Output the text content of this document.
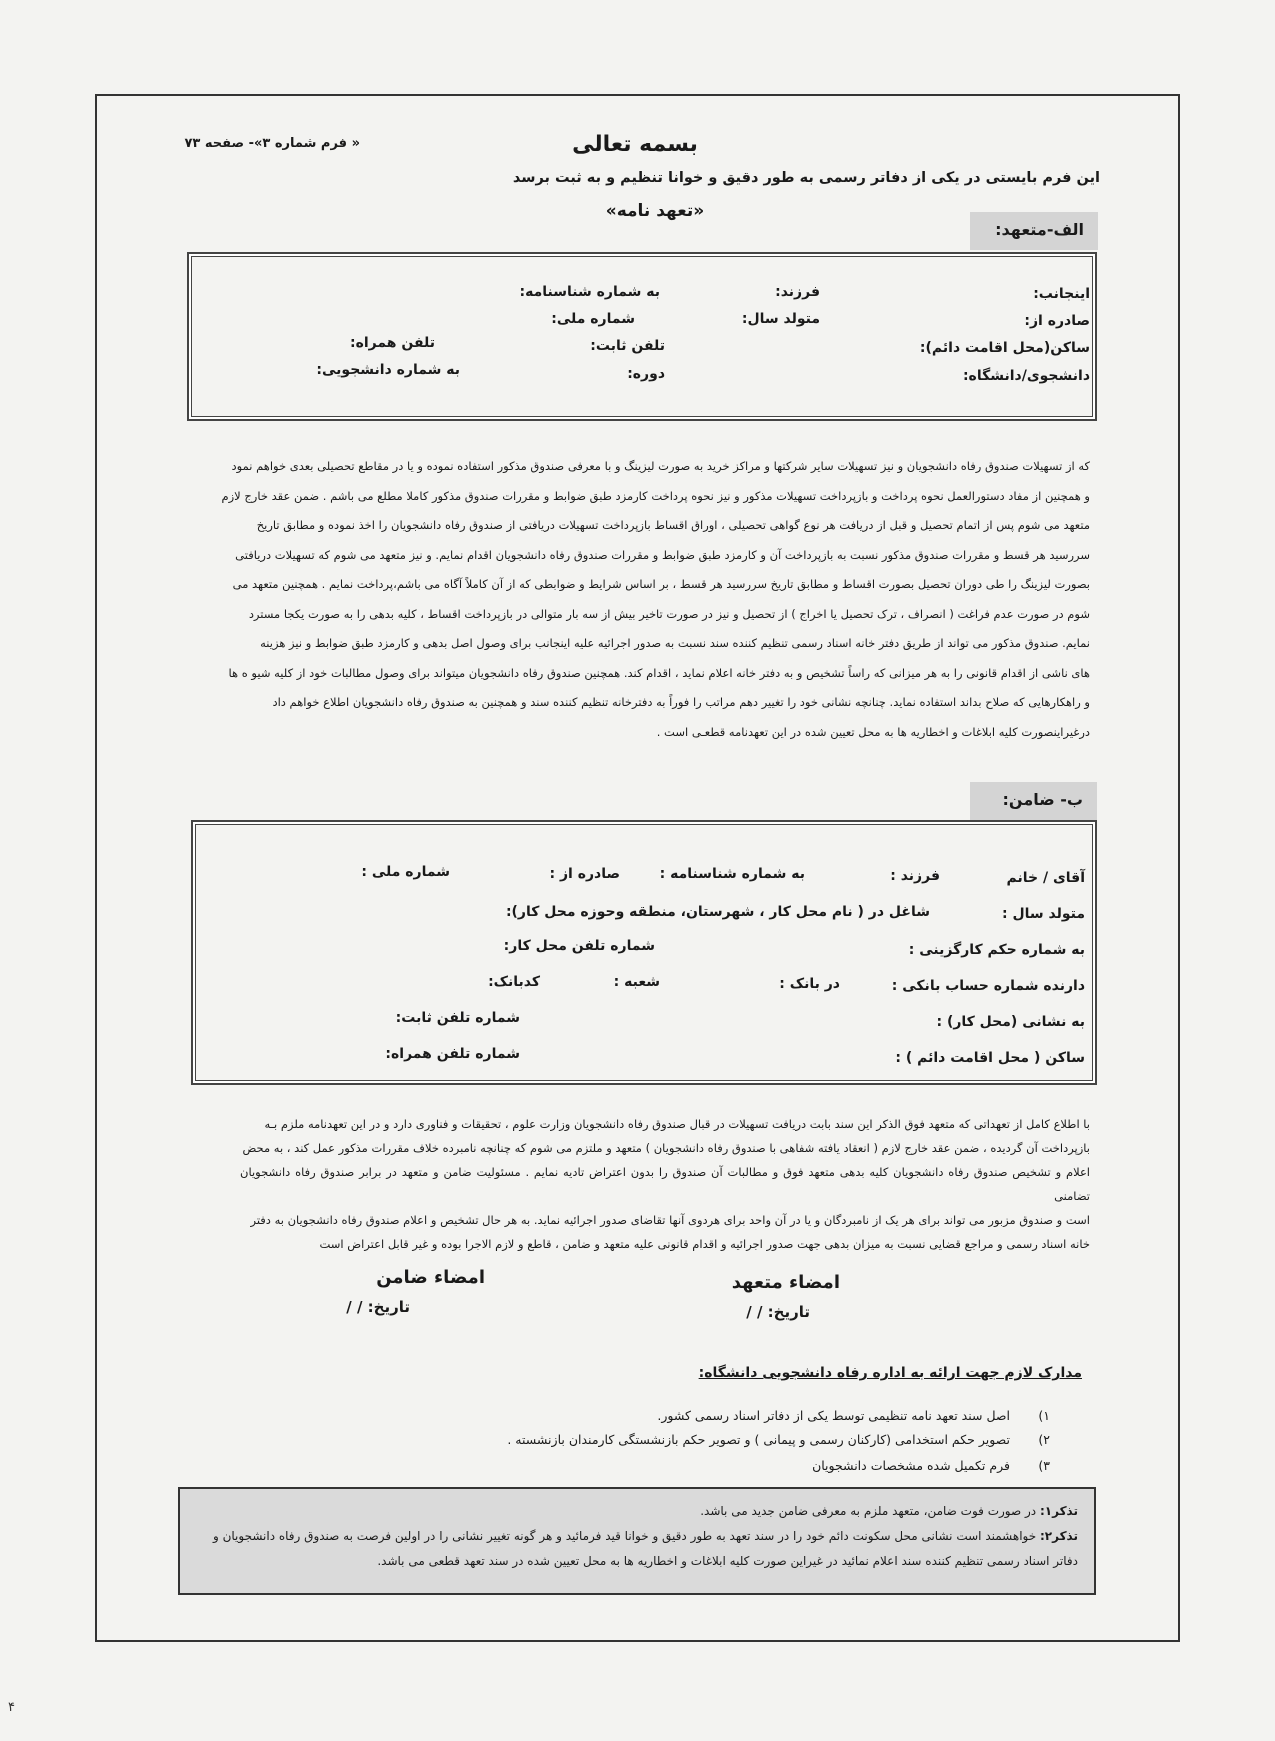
بسمه تعالی
« فرم شماره ۳»- صفحه ۷۳
این فرم بایستی در یکی از دفاتر رسمی به طور دقیق و خوانا تنظیم و به ثبت برسد
«تعهد نامه»
الف-متعهد:
اینجانب:
فرزند:
به شماره شناسنامه:
صادره از:
متولد سال:
شماره ملی:
ساکن(محل اقامت دائم):
تلفن ثابت:
تلفن همراه:
دانشجوی/دانشگاه:
دوره:
به شماره دانشجویی:
که از تسهیلات صندوق رفاه دانشجویان و نیز تسهیلات سایر شرکتها و مراکز خرید به صورت لیزینگ و با معرفی صندوق مذکور استفاده نموده و یا در مقاطع تحصیلی بعدی خواهم نمود
و همچنین از مفاد دستورالعمل نحوه پرداخت و بازپرداخت تسهیلات مذکور و نیز نحوه پرداخت کارمزد طبق ضوابط و مقررات صندوق مذکور کاملا مطلع می باشم . ضمن عقد خارج لازم
متعهد می شوم پس از اتمام تحصیل و قبل از دریافت هر نوع گواهی تحصیلی ، اوراق اقساط بازپرداخت تسهیلات دریافتی از صندوق رفاه دانشجویان را اخذ نموده و مطابق تاریخ
سررسید هر قسط و مقررات صندوق مذکور نسبت به بازپرداخت آن و کارمزد طبق ضوابط و مقررات صندوق رفاه دانشجویان اقدام نمایم. و نیز متعهد می شوم که تسهیلات دریافتی
بصورت لیزینگ را طی دوران تحصیل بصورت اقساط و مطابق تاریخ سررسید هر قسط ، بر اساس شرایط و ضوابطی که از آن کاملاً آگاه می باشم،پرداخت نمایم . همچنین متعهد می
شوم در صورت عدم فراغت ( انصراف ، ترک تحصیل یا اخراج ) از تحصیل و نیز در صورت تاخیر بیش از سه بار متوالی در بازپرداخت اقساط ، کلیه بدهی را به صورت یکجا مسترد
نمایم. صندوق مذکور می تواند از طریق دفتر خانه اسناد رسمی تنظیم کننده سند نسبت به صدور اجرائیه علیه اینجانب برای وصول اصل بدهی و کارمزد طبق ضوابط و نیز هزینه
های ناشی از اقدام قانونی را به هر میزانی که راساً تشخیص و به دفتر خانه اعلام نماید ، اقدام کند. همچنین صندوق رفاه دانشجویان میتواند برای وصول مطالبات خود از کلیه شیو ه ها
و راهکارهایی که صلاح بداند استفاده نماید. چنانچه نشانی خود را تغییر دهم مراتب را فوراً به دفترخانه تنظیم کننده سند و همچنین به صندوق رفاه دانشجویان اطلاع خواهم داد
درغیراینصورت کلیه ابلاغات و اخطاریه ها به محل تعیین شده در این تعهدنامه قطعـی است .
ب- ضامن:
آقای / خانم
فرزند :
به شماره شناسنامه :
صادره از :
شماره ملی :
متولد سال :
شاغل در ( نام محل کار ، شهرستان، منطقه وحوزه محل کار):
به شماره حکم کارگزینی :
شماره تلفن محل کار:
دارنده شماره حساب بانکی :
در بانک :
شعبه :
کدبانک:
به نشانی (محل کار) :
شماره تلفن ثابت:
ساکن ( محل اقامت دائم ) :
شماره تلفن همراه:
با اطلاع کامل از تعهداتی که متعهد فوق الذکر این سند بابت دریافت تسهیلات در قبال صندوق رفاه دانشجویان وزارت علوم ، تحقیقات و فناوری دارد و در این تعهدنامه ملزم بـه
بازپرداخت آن گردیده ، ضمن عقد خارج لازم ( انعقاد یافته شفاهی با صندوق رفاه دانشجویان ) متعهد و ملتزم می شوم که چنانچه نامبرده خلاف مقررات مذکور عمل کند ، به محض
اعلام و تشخیص صندوق رفاه دانشجویان کلیه بدهی متعهد فوق و مطالبات آن صندوق را بدون اعتراض تادیه نمایم . مسئولیت ضامن و متعهد در برابر صندوق رفاه دانشجویان تضامنی
است و صندوق مزبور می تواند برای هر یک از نامبردگان و یا در آن واحد برای هردوی آنها تقاضای صدور اجرائیه نماید. به هر حال تشخیص و اعلام صندوق رفاه دانشجویان به دفتر
خانه اسناد رسمی و مراجع قضایی نسبت به میزان بدهی جهت صدور اجرائیه و اقدام قانونی علیه متعهد و ضامن ، قاطع و لازم الاجرا بوده و غیر قابل اعتراض است
امضاء متعهد
تاریخ: / /
امضاء ضامن
تاریخ: / /
مدارک لازم جهت ارائه به اداره رفاه دانشجویی دانشگاه:
۱)
اصل سند تعهد نامه تنظیمی توسط یکی از دفاتر اسناد رسمی کشور.
۲)
تصویر حکم استخدامی (کارکنان رسمی و پیمانی ) و تصویر حکم بازنشستگی کارمندان بازنشسته .
۳)
فرم تکمیل شده مشخصات دانشجویان
تذکر۱: در صورت فوت ضامن، متعهد ملزم به معرفی ضامن جدید می باشد.
تذکر۲: خواهشمند است نشانی محل سکونت دائم خود را در سند تعهد به طور دقیق و خوانا قید فرمائید و هر گونه تغییر نشانی را در اولین فرصت به صندوق رفاه دانشجویان و دفاتر اسناد رسمی تنظیم کننده سند اعلام نمائید در غیراین صورت کلیه ابلاغات و اخطاریه ها به محل تعیین شده در سند تعهد قطعی می باشد.
۴
